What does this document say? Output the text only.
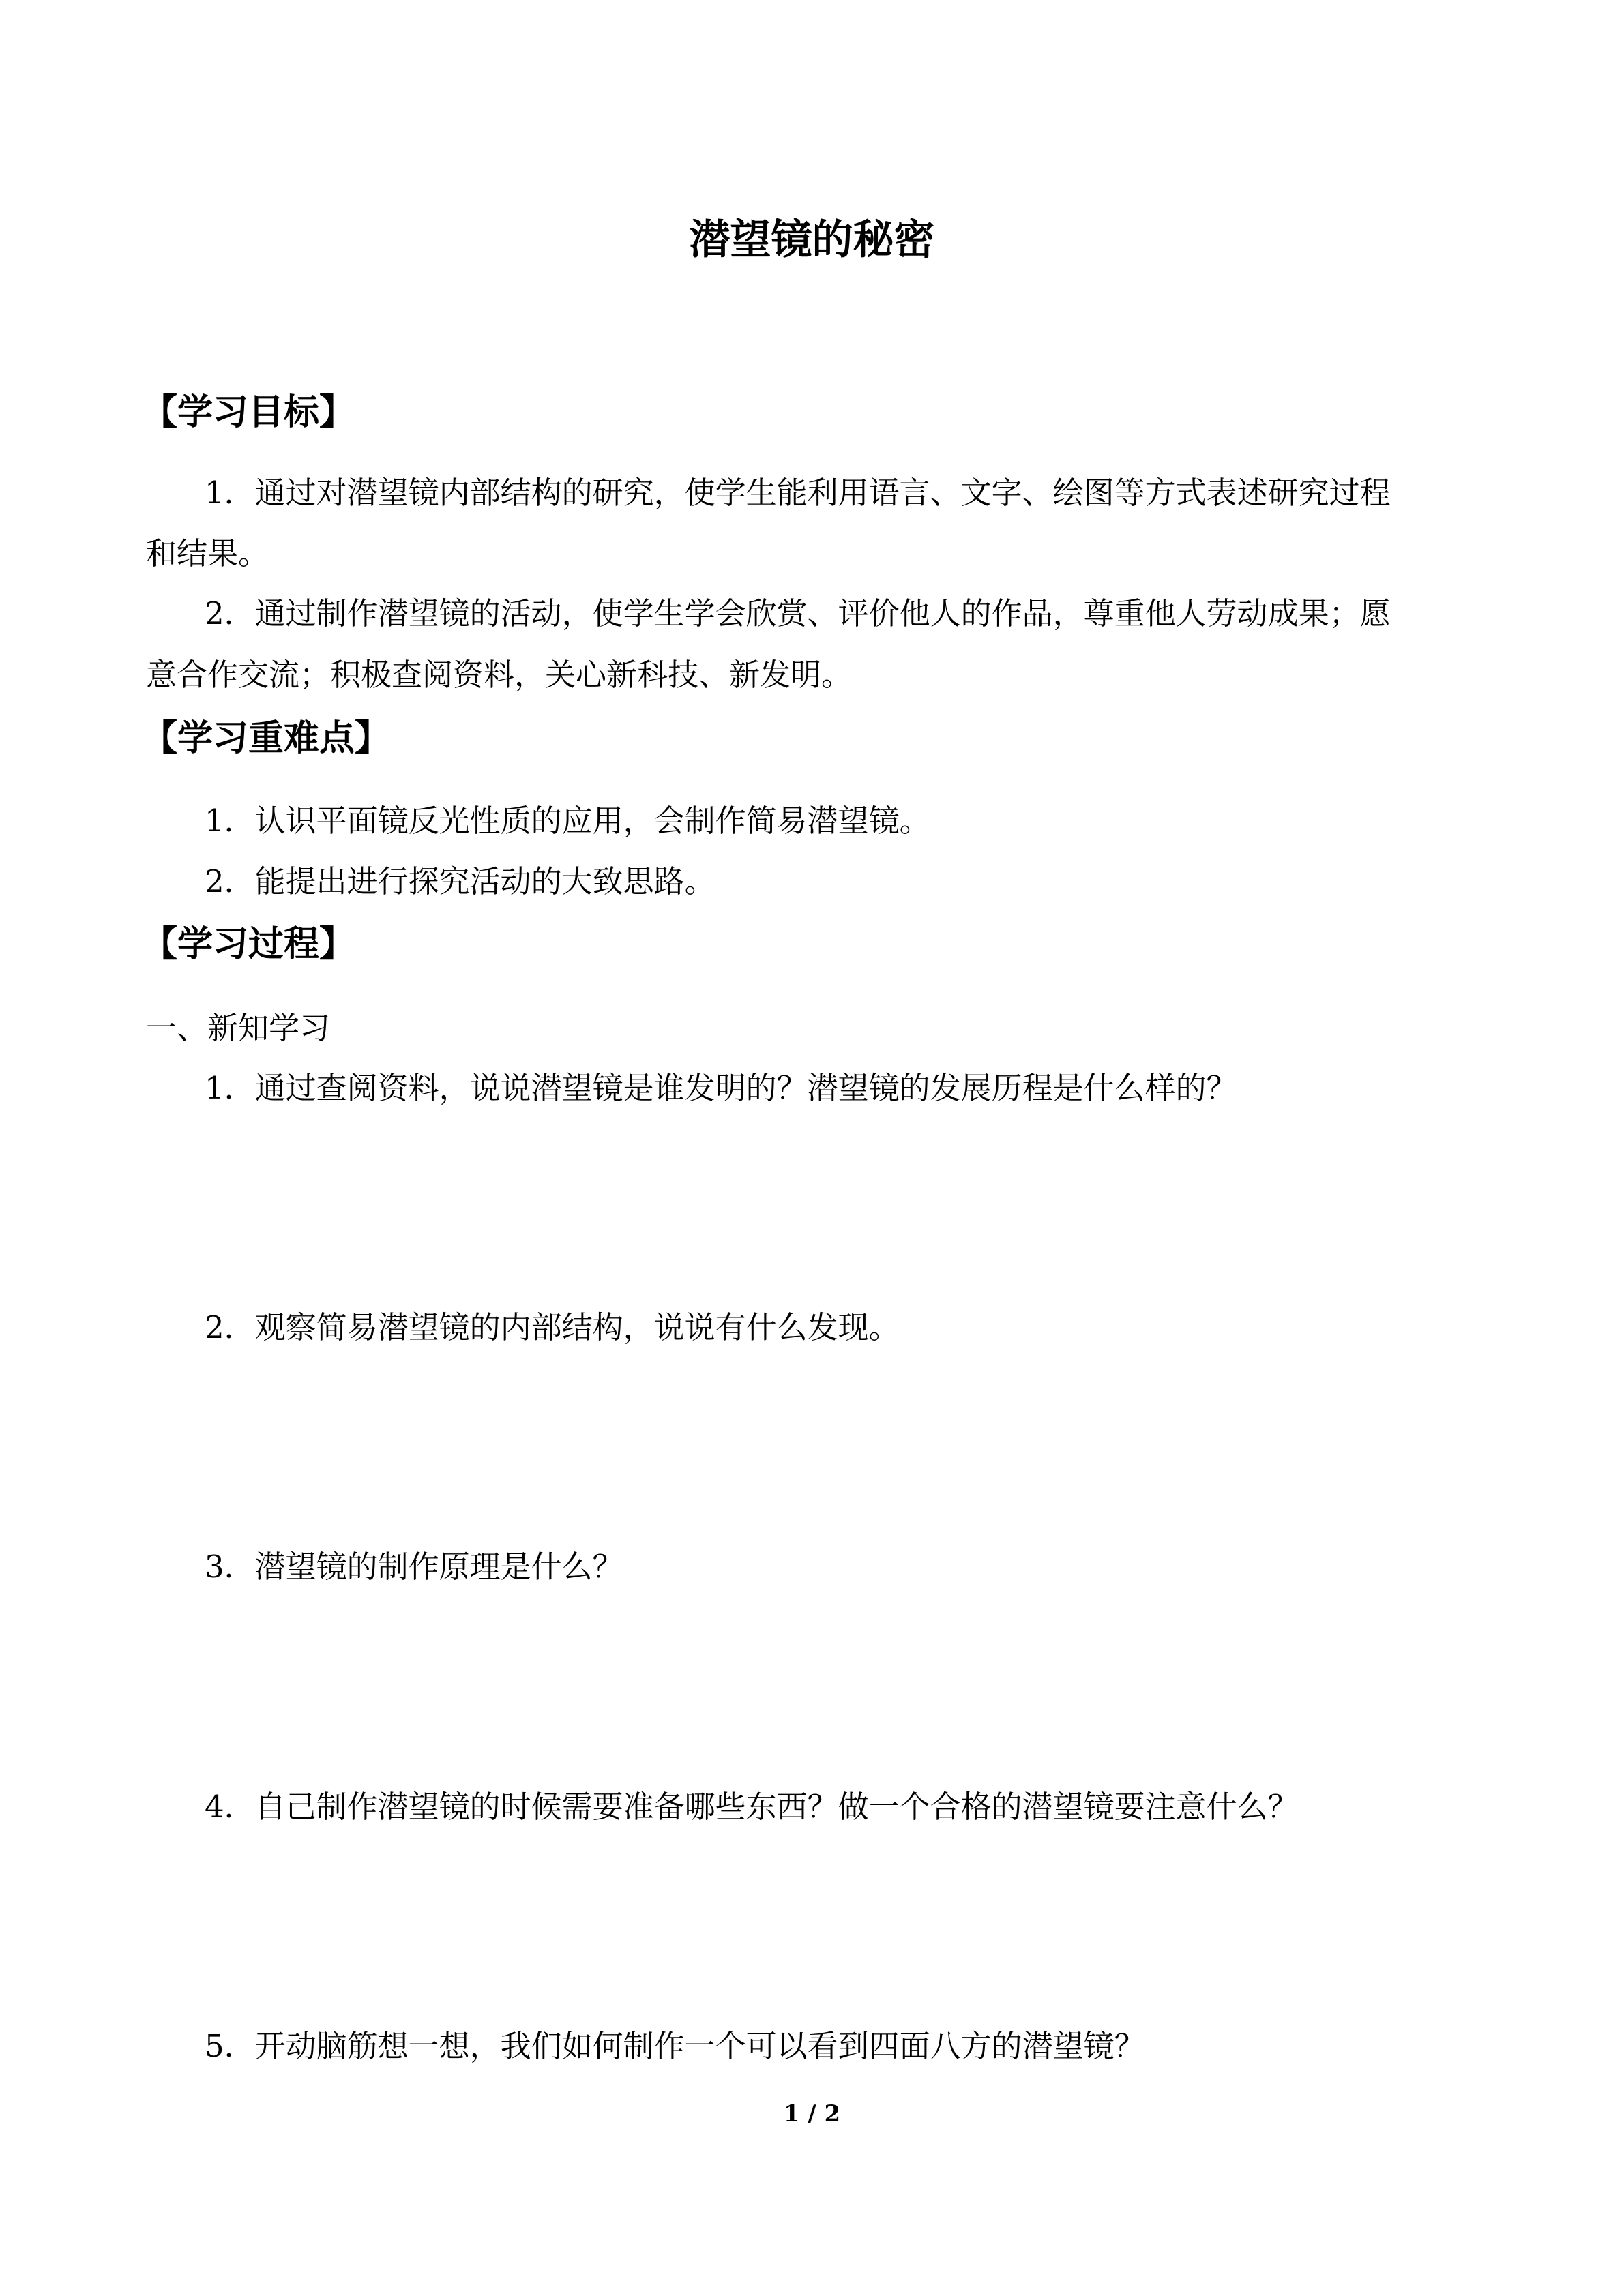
潜望镜的秘密
【学习目标】
1．通过对潜望镜内部结构的研究，使学生能利用语言、文字、绘图等方式表述研究过程
和结果。
2．通过制作潜望镜的活动，使学生学会欣赏、评价他人的作品，尊重他人劳动成果；愿
意合作交流；积极查阅资料，关心新科技、新发明。
【学习重难点】
1．认识平面镜反光性质的应用，会制作简易潜望镜。
2．能提出进行探究活动的大致思路。
【学习过程】
一、新知学习
1．通过查阅资料，说说潜望镜是谁发明的？潜望镜的发展历程是什么样的？
2．观察简易潜望镜的内部结构，说说有什么发现。
3．潜望镜的制作原理是什么？
4．自己制作潜望镜的时候需要准备哪些东西？做一个合格的潜望镜要注意什么？
5．开动脑筋想一想，我们如何制作一个可以看到四面八方的潜望镜？
1 / 2
